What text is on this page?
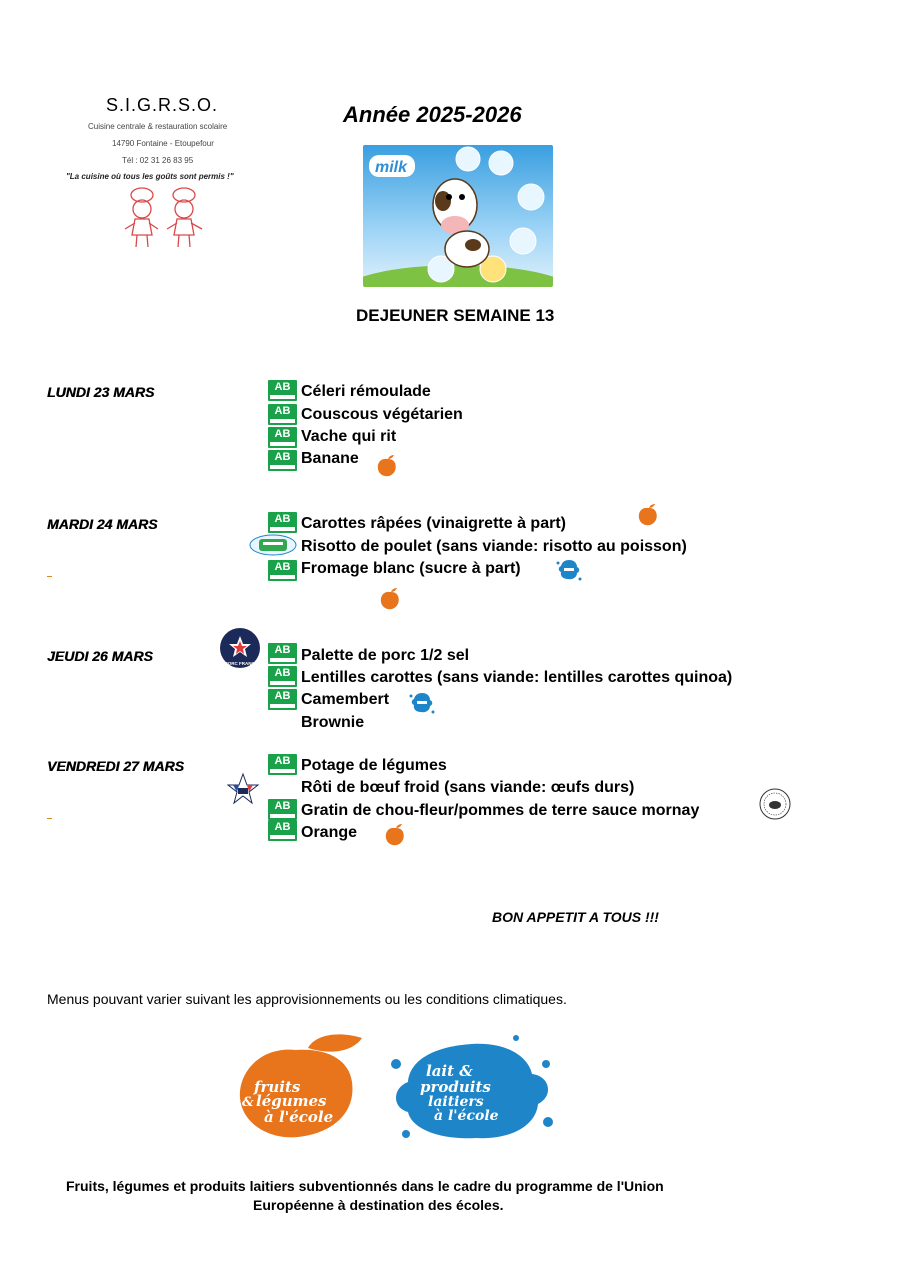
S.I.G.R.S.O.
Cuisine centrale & restauration scolaire
14790 Fontaine - Etoupefour
Tél : 02 31 26 83 95
"La cuisine où tous les goûts sont permis !"
Année 2025-2026
milk
DEJEUNER SEMAINE 13
LUNDI 23 MARS	AB
Céleri rémoulade
AB
Couscous végétarien
AB
Vache qui rit
AB
Banane
MARDI 24 MARS	AB
Carottes râpées (vinaigrette à part)
Risotto de poulet (sans viande: risotto au poisson)
AB
Fromage blanc (sucre à part)
JEUDI 26 MARS	LE PORC FRANÇAIS
AB
Palette de porc 1/2 sel
AB
Lentilles carottes (sans viande: lentilles carottes quinoa)
AB
Camembert
Brownie
VENDREDI 27 MARS	AB
Potage de légumes
Rôti de bœuf froid (sans viande: œufs durs)
AB
Gratin de chou-fleur/pommes de terre sauce mornay
AB
Orange
BON APPETIT A TOUS !!!
Menus pouvant varier suivant les approvisionnements ou les conditions climatiques.
fruits
& légumes
à l'école
lait &
produits
laitiers
à l'école
Fruits, légumes et produits laitiers subventionnés dans le cadre du programme de l'Union
Européenne à destination des écoles.
